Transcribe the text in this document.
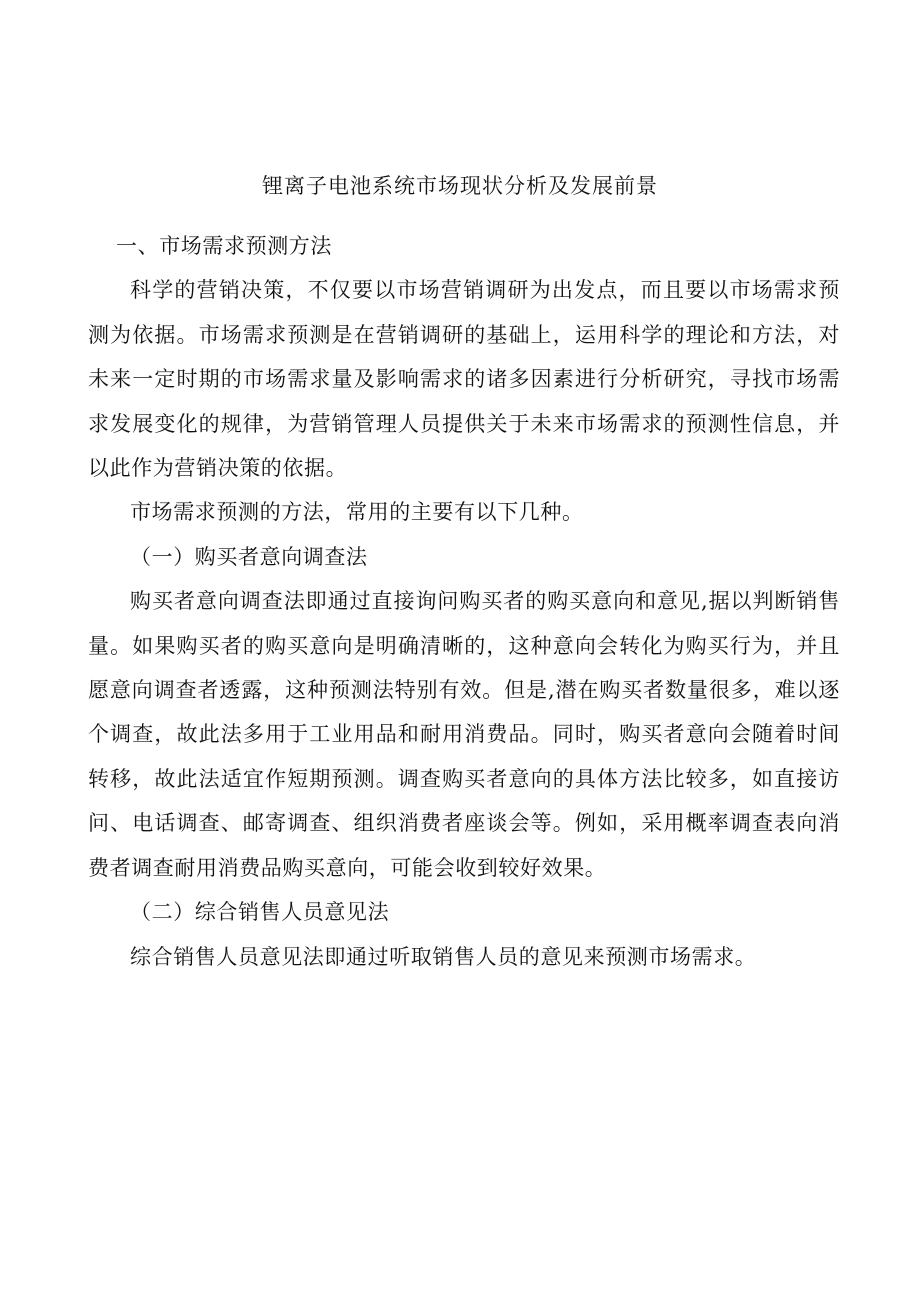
锂离子电池系统市场现状分析及发展前景

一、市场需求预测方法

科学的营销决策，不仅要以市场营销调研为出发点，而且要以市场需求预测为依据。市场需求预测是在营销调研的基础上，运用科学的理论和方法，对未来一定时期的市场需求量及影响需求的诸多因素进行分析研究，寻找市场需求发展变化的规律，为营销管理人员提供关于未来市场需求的预测性信息，并以此作为营销决策的依据。

市场需求预测的方法，常用的主要有以下几种。

（一）购买者意向调查法

购买者意向调查法即通过直接询问购买者的购买意向和意见,据以判断销售量。如果购买者的购买意向是明确清晰的，这种意向会转化为购买行为，并且愿意向调查者透露，这种预测法特别有效。但是,潜在购买者数量很多，难以逐个调查，故此法多用于工业用品和耐用消费品。同时，购买者意向会随着时间转移，故此法适宜作短期预测。调查购买者意向的具体方法比较多，如直接访问、电话调查、邮寄调查、组织消费者座谈会等。例如，采用概率调查表向消费者调查耐用消费品购买意向，可能会收到较好效果。

（二）综合销售人员意见法

综合销售人员意见法即通过听取销售人员的意见来预测市场需求。
